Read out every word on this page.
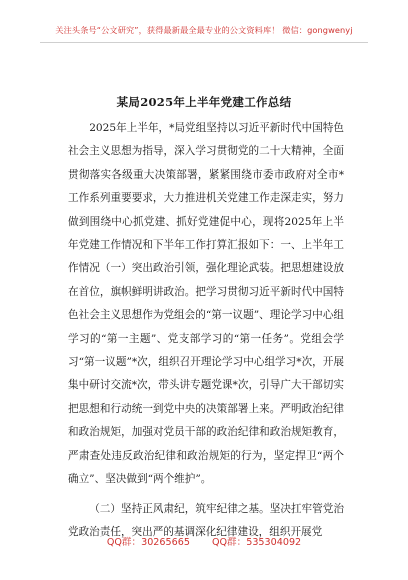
关注头条号“公文研究”，获得最新最全最专业的公文资料库！ 微信：gongwenyj
某局2025年上半年党建工作总结

2025年上半年，*局党组坚持以习近平新时代中国特色社会主义思想为指导，深入学习贯彻党的二十大精神，全面贯彻落实各级重大决策部署，紧紧围绕市委市政府对全市*工作系列重要要求，大力推进机关党建工作走深走实，努力做到围绕中心抓党建、抓好党建促中心，现将2025年上半年党建工作情况和下半年工作打算汇报如下：一、上半年工作情况（一）突出政治引领，强化理论武装。把思想建设放在首位，旗帜鲜明讲政治。把学习贯彻习近平新时代中国特色社会主义思想作为党组会的“第一议题”、理论学习中心组学习的“第一主题”、党支部学习的“第一任务”。党组会学习“第一议题”*次，组织召开理论学习中心组学习*次，开展集中研讨交流*次，带头讲专题党课*次，引导广大干部切实把思想和行动统一到党中央的决策部署上来。严明政治纪律和政治规矩，加强对党员干部的政治纪律和政治规矩教育，严肃查处违反政治纪律和政治规矩的行为，坚定捍卫“两个确立”、坚决做到“两个维护”。

（二）坚持正风肃纪，筑牢纪律之基。坚决扛牢管党治党政治责任，突出严的基调深化纪律建设，组织开展党

QQ群：30265665 QQ群：535304092
